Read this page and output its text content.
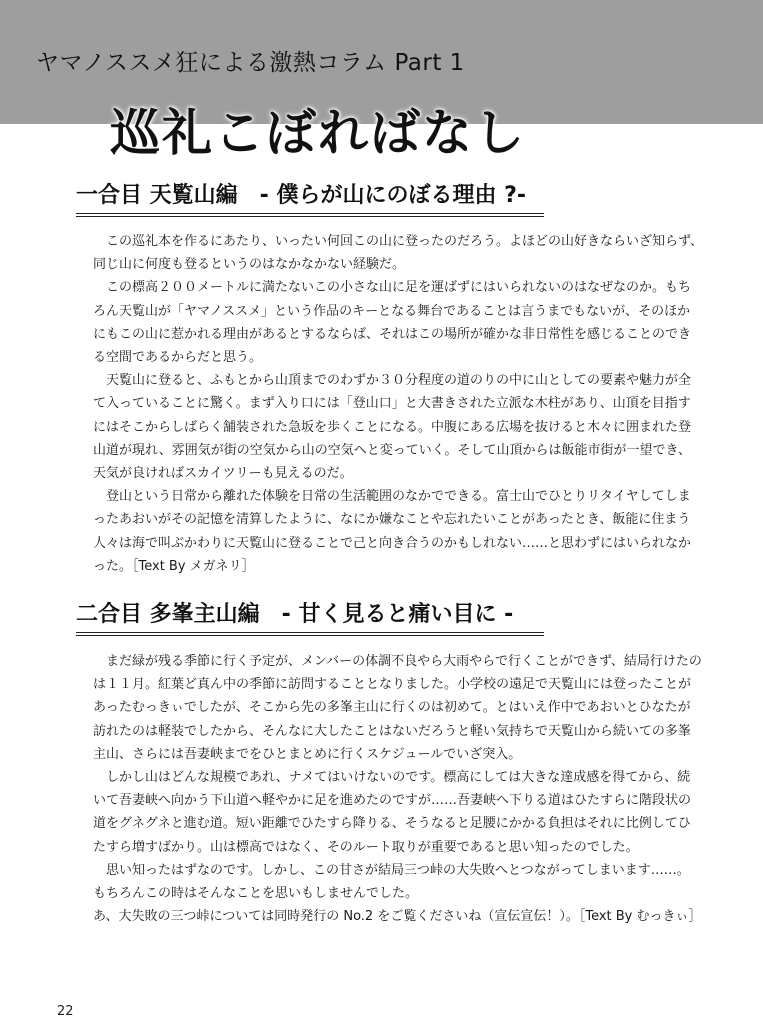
ヤマノススメ狂による激熱コラム Part 1
巡礼こぼればなし
一合目 天覧山編　- 僕らが山にのぼる理由 ?-

この巡礼本を作るにあたり、いったい何回この山に登ったのだろう。よほどの山好きならいざ知らず、同じ山に何度も登るというのはなかなかない経験だ。

この標高２００メートルに満たないこの小さな山に足を運ばずにはいられないのはなぜなのか。もちろん天覧山が「ヤマノススメ」という作品のキーとなる舞台であることは言うまでもないが、そのほかにもこの山に惹かれる理由があるとするならば、それはこの場所が確かな非日常性を感じることのできる空間であるからだと思う。

天覧山に登ると、ふもとから山頂までのわずか３０分程度の道のりの中に山としての要素や魅力が全て入っていることに驚く。まず入り口には「登山口」と大書きされた立派な木柱があり、山頂を目指すにはそこからしばらく舗装された急坂を歩くことになる。中腹にある広場を抜けると木々に囲まれた登山道が現れ、雰囲気が街の空気から山の空気へと変っていく。そして山頂からは飯能市街が一望でき、天気が良ければスカイツリーも見えるのだ。

登山という日常から離れた体験を日常の生活範囲のなかでできる。富士山でひとりリタイヤしてしまったあおいがその記憶を清算したように、なにか嫌なことや忘れたいことがあったとき、飯能に住まう人々は海で叫ぶかわりに天覧山に登ることで己と向き合うのかもしれない……と思わずにはいられなかった。［Text By メガネリ］

二合目 多峯主山編　- 甘く見ると痛い目に -

まだ緑が残る季節に行く予定が、メンバーの体調不良やら大雨やらで行くことができず、結局行けたのは１１月。紅葉ど真ん中の季節に訪問することとなりました。小学校の遠足で天覧山には登ったことがあったむっきぃでしたが、そこから先の多峯主山に行くのは初めて。とはいえ作中であおいとひなたが訪れたのは軽装でしたから、そんなに大したことはないだろうと軽い気持ちで天覧山から続いての多峯主山、さらには吾妻峡までをひとまとめに行くスケジュールでいざ突入。

しかし山はどんな規模であれ、ナメてはいけないのです。標高にしては大きな達成感を得てから、続いて吾妻峡へ向かう下山道へ軽やかに足を進めたのですが……吾妻峡へ下りる道はひたすらに階段状の道をグネグネと進む道。短い距離でひたすら降りる、そうなると足腰にかかる負担はそれに比例してひたすら増すばかり。山は標高ではなく、そのルート取りが重要であると思い知ったのでした。

思い知ったはずなのです。しかし、この甘さが結局三つ峠の大失敗へとつながってしまいます……。

もちろんこの時はそんなことを思いもしませんでした。

あ、大失敗の三つ峠については同時発行の No.2 をご覧くださいね（宣伝宣伝！）。［Text By むっきぃ］

22
